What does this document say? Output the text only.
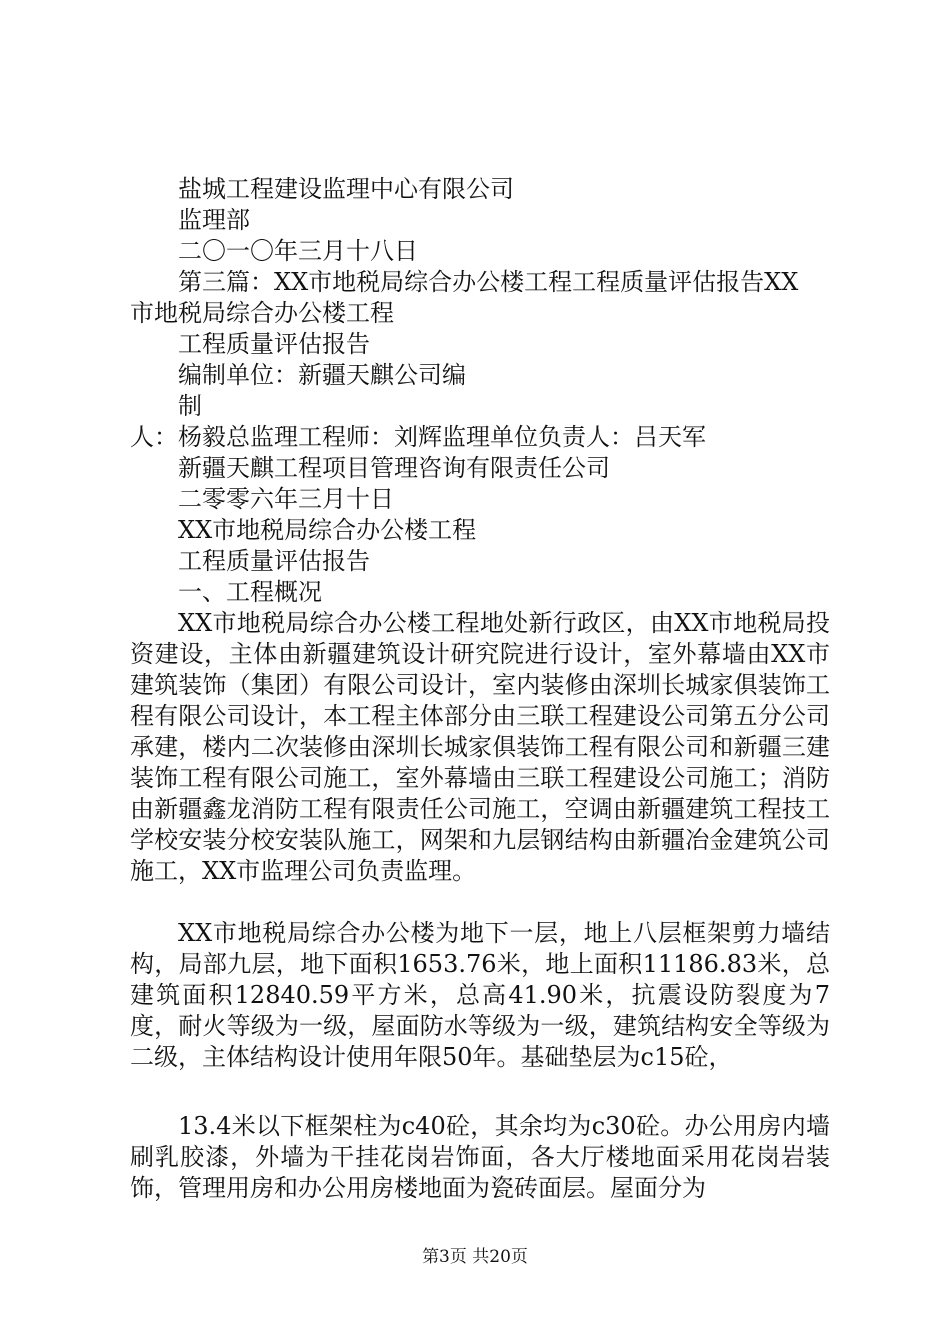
盐城工程建设监理中心有限公司
监理部
二〇一〇年三月十八日
第三篇：XX市地税局综合办公楼工程工程质量评估报告XX
市地税局综合办公楼工程
工程质量评估报告
编制单位：新疆天麒公司编
制
人：杨毅总监理工程师：刘辉监理单位负责人：吕天军
新疆天麒工程项目管理咨询有限责任公司
二零零六年三月十日
XX市地税局综合办公楼工程
工程质量评估报告
一、工程概况
XX市地税局综合办公楼工程地处新行政区，由XX市地税局投资建设，主体由新疆建筑设计研究院进行设计，室外幕墙由XX市建筑装饰（集团）有限公司设计，室内装修由深圳长城家俱装饰工程有限公司设计，本工程主体部分由三联工程建设公司第五分公司承建，楼内二次装修由深圳长城家俱装饰工程有限公司和新疆三建装饰工程有限公司施工，室外幕墙由三联工程建设公司施工；消防由新疆鑫龙消防工程有限责任公司施工，空调由新疆建筑工程技工学校安装分校安装队施工，网架和九层钢结构由新疆冶金建筑公司施工，XX市监理公司负责监理。
XX市地税局综合办公楼为地下一层，地上八层框架剪力墙结构，局部九层，地下面积1653.76米，地上面积11186.83米，总建筑面积12840.59平方米，总高41.90米，抗震设防裂度为7度，耐火等级为一级，屋面防水等级为一级，建筑结构安全等级为二级，主体结构设计使用年限50年。基础垫层为c15砼，
13.4米以下框架柱为c40砼，其余均为c30砼。办公用房内墙刷乳胶漆，外墙为干挂花岗岩饰面，各大厅楼地面采用花岗岩装饰，管理用房和办公用房楼地面为瓷砖面层。屋面分为
第3页 共20页
